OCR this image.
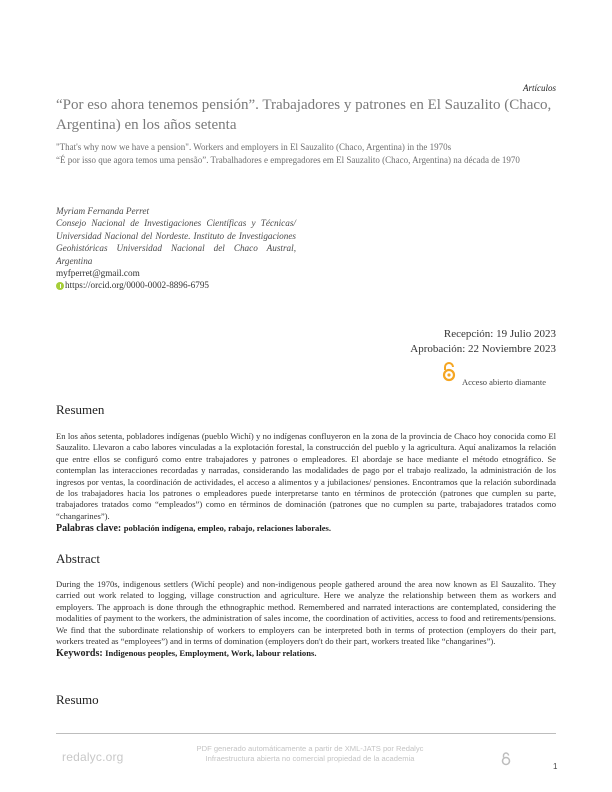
Artículos
“Por eso ahora tenemos pensión”. Trabajadores y patrones en El Sauzalito (Chaco, Argentina) en los años setenta
"That's why now we have a pension". Workers and employers in El Sauzalito (Chaco, Argentina) in the 1970s
“É por isso que agora temos uma pensão”. Trabalhadores e empregadores em El Sauzalito (Chaco, Argentina) na década de 1970
Myriam Fernanda Perret
Consejo Nacional de Investigaciones Científicas y Técnicas/ Universidad Nacional del Nordeste. Instituto de Investigaciones Geohistóricas Universidad Nacional del Chaco Austral, Argentina
myfperret@gmail.com
https://orcid.org/0000-0002-8896-6795
Recepción: 19 Julio 2023
Aprobación: 22 Noviembre 2023
Acceso abierto diamante
Resumen
En los años setenta, pobladores indígenas (pueblo Wichí) y no indígenas confluyeron en la zona de la provincia de Chaco hoy conocida como El Sauzalito. Llevaron a cabo labores vinculadas a la explotación forestal, la construcción del pueblo y la agricultura. Aquí analizamos la relación que entre ellos se configuró como entre trabajadores y patrones o empleadores. El abordaje se hace mediante el método etnográfico. Se contemplan las interacciones recordadas y narradas, considerando las modalidades de pago por el trabajo realizado, la administración de los ingresos por ventas, la coordinación de actividades, el acceso a alimentos y a jubilaciones/ pensiones. Encontramos que la relación subordinada de los trabajadores hacia los patrones o empleadores puede interpretarse tanto en términos de protección (patrones que cumplen su parte, trabajadores tratados como “empleados”) como en términos de dominación (patrones que no cumplen su parte, trabajadores tratados como “changarines”).
Palabras clave: población indígena, empleo, rabajo, relaciones laborales.
Abstract
During the 1970s, indigenous settlers (Wichí people) and non-indigenous people gathered around the area now known as El Sauzalito. They carried out work related to logging, village construction and agriculture. Here we analyze the relationship between them as workers and employers. The approach is done through the ethnographic method. Remembered and narrated interactions are contemplated, considering the modalities of payment to the workers, the administration of sales income, the coordination of activities, access to food and retirements/pensions. We find that the subordinate relationship of workers to employers can be interpreted both in terms of protection (employers do their part, workers treated as “employees”) and in terms of domination (employers don't do their part, workers treated like “changarines”).
Keywords: Indigenous peoples, Employment, Work, labour relations.
Resumo
redalyc.org
PDF generado automáticamente a partir de XML-JATS por Redalyc
Infraestructura abierta no comercial propiedad de la academia
1
